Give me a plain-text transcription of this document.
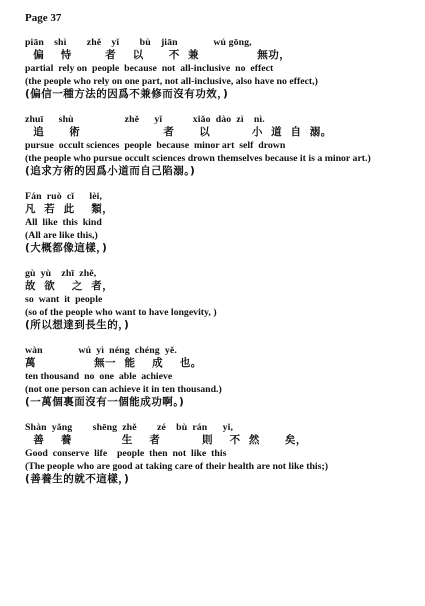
Page 37
piān    shì        zhě    yǐ        bù    jiān              wú gōng,
偏    恃        者    以      不  兼              無功，
partial  rely on  people  because  not  all-inclusive  no  effect
(the people who rely on one part, not all-inclusive, also have no effect,)
(偏信一種方法的因爲不兼修而沒有功效，)
zhuī      shù                    zhě      yǐ            xiǎo  dào  zì    nì.
追      術                    者      以          小  道  自  溺。
pursue  occult sciences  people  because  minor art  self  drown
(the people who pursue occult sciences drown themselves because it is a minor art.)
(追求方術的因爲小道而自己陷溺。)
Fán  ruò  cǐ      lèi,
凡  若  此    類，
All  like  this  kind
(All are like this,)
(大概都像這樣，)
gù  yù    zhī  zhě,
故  欲    之  者，
so  want  it  people
(so of the people who want to have longevity, )
(所以想達到長生的，)
wàn              wú  yì  néng  chéng  yě.
萬              無一  能    成    也。
ten thousand  no  one  able  achieve
(not one person can achieve it in ten thousand.)
(一萬個裏面沒有一個能成功啊。)
Shàn  yǎng        shēng  zhě        zé    bù  rán      yǐ,
善    養            生    者          則    不  然      矣，
Good  conserve  life    people  then  not  like  this
(The people who are good at taking care of their health are not like this;)
(善養生的就不這樣，)
